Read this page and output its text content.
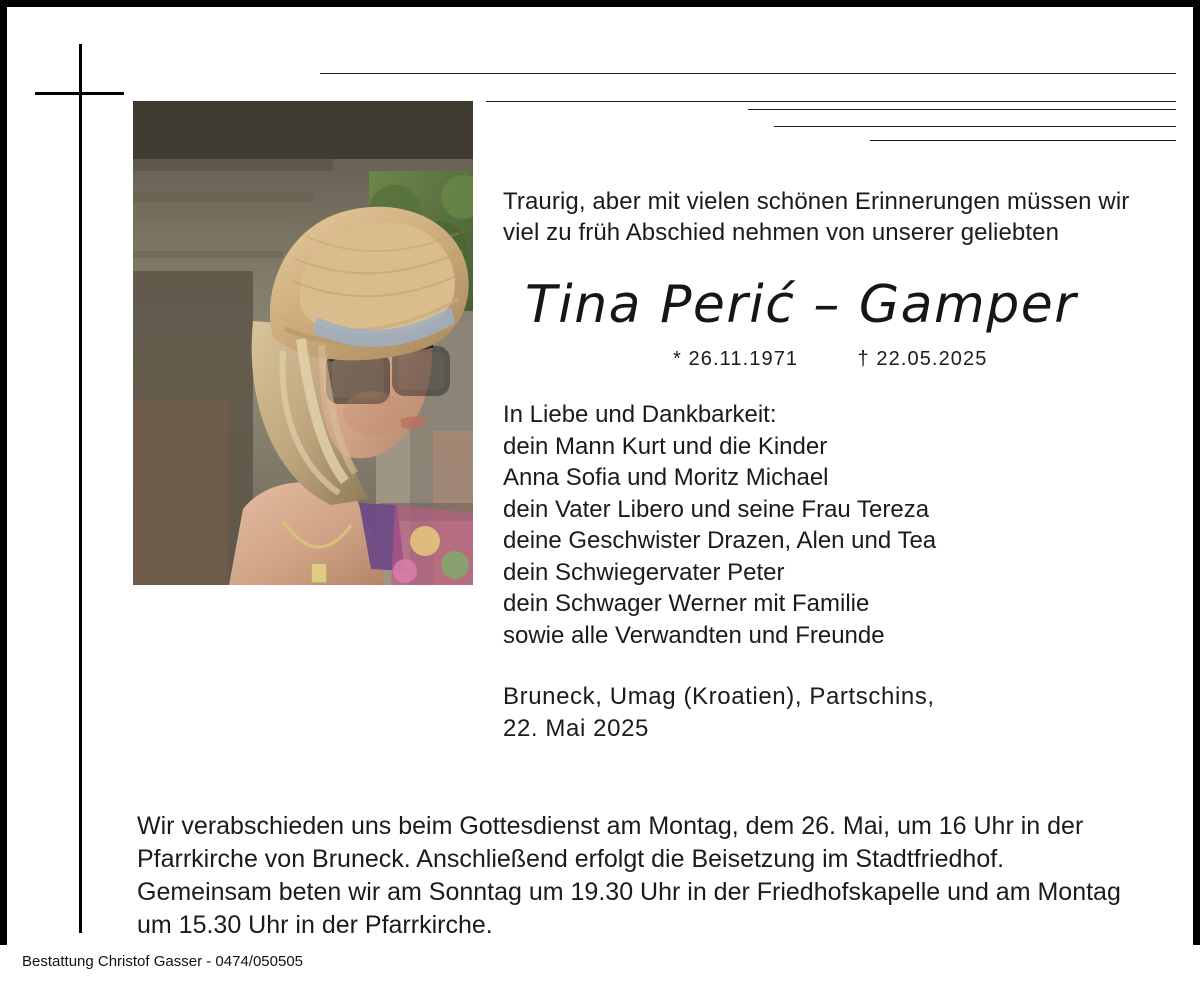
Traurig, aber mit vielen schönen Erinnerungen müssen wir
viel zu früh Abschied nehmen von unserer geliebten
Tina Perić – Gamper
* 26.11.1971	† 22.05.2025
In Liebe und Dankbarkeit:
dein Mann Kurt und die Kinder
Anna Sofia und Moritz Michael
dein Vater Libero und seine Frau Tereza
deine Geschwister Drazen, Alen und Tea
dein Schwiegervater Peter
dein Schwager Werner mit Familie
sowie alle Verwandten und Freunde
Bruneck, Umag (Kroatien), Partschins,
22. Mai 2025
Wir verabschieden uns beim Gottesdienst am Montag, dem 26. Mai, um 16 Uhr in der
Pfarrkirche von Bruneck. Anschließend erfolgt die Beisetzung im Stadtfriedhof.
Gemeinsam beten wir am Sonntag um 19.30 Uhr in der Friedhofskapelle und am Montag
um 15.30 Uhr in der Pfarrkirche.
Bestattung Christof Gasser - 0474/050505
